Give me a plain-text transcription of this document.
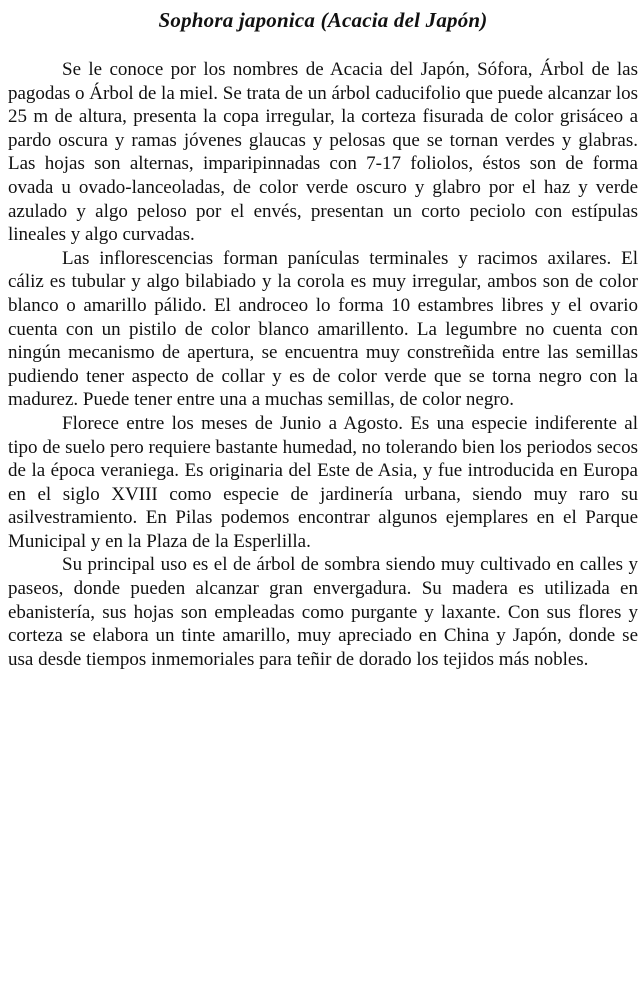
Sophora japonica (Acacia del Japón)

Se le conoce por los nombres de Acacia del Japón, Sófora, Árbol de las pagodas o Árbol de la miel. Se trata de un árbol caducifolio que puede alcanzar los 25 m de altura, presenta la copa irregular, la corteza fisurada de color grisáceo a pardo oscura y ramas jóvenes glaucas y pelosas que se tornan verdes y glabras. Las hojas son alternas, imparipinnadas con 7-17 foliolos, éstos son de forma ovada u ovado-lanceoladas, de color verde oscuro y glabro por el haz y verde azulado y algo peloso por el envés, presentan un corto peciolo con estípulas lineales y algo curvadas.

Las inflorescencias forman panículas terminales y racimos axilares. El cáliz es tubular y algo bilabiado y la corola es muy irregular, ambos son de color blanco o amarillo pálido. El androceo lo forma 10 estambres libres y el ovario cuenta con un pistilo de color blanco amarillento. La legumbre no cuenta con ningún mecanismo de apertura, se encuentra muy constreñida entre las semillas pudiendo tener aspecto de collar y es de color verde que se torna negro con la madurez. Puede tener entre una a muchas semillas, de color negro.

Florece entre los meses de Junio a Agosto. Es una especie indiferente al tipo de suelo pero requiere bastante humedad, no tolerando bien los periodos secos de la época veraniega. Es originaria del Este de Asia, y fue introducida en Europa en el siglo XVIII como especie de jardinería urbana, siendo muy raro su asilvestramiento. En Pilas podemos encontrar algunos ejemplares en el Parque Municipal y en la Plaza de la Esperlilla.

Su principal uso es el de árbol de sombra siendo muy cultivado en calles y paseos, donde pueden alcanzar gran envergadura. Su madera es utilizada en ebanistería, sus hojas son empleadas como purgante y laxante. Con sus flores y corteza se elabora un tinte amarillo, muy apreciado en China y Japón, donde se usa desde tiempos inmemoriales para teñir de dorado los tejidos más nobles.
